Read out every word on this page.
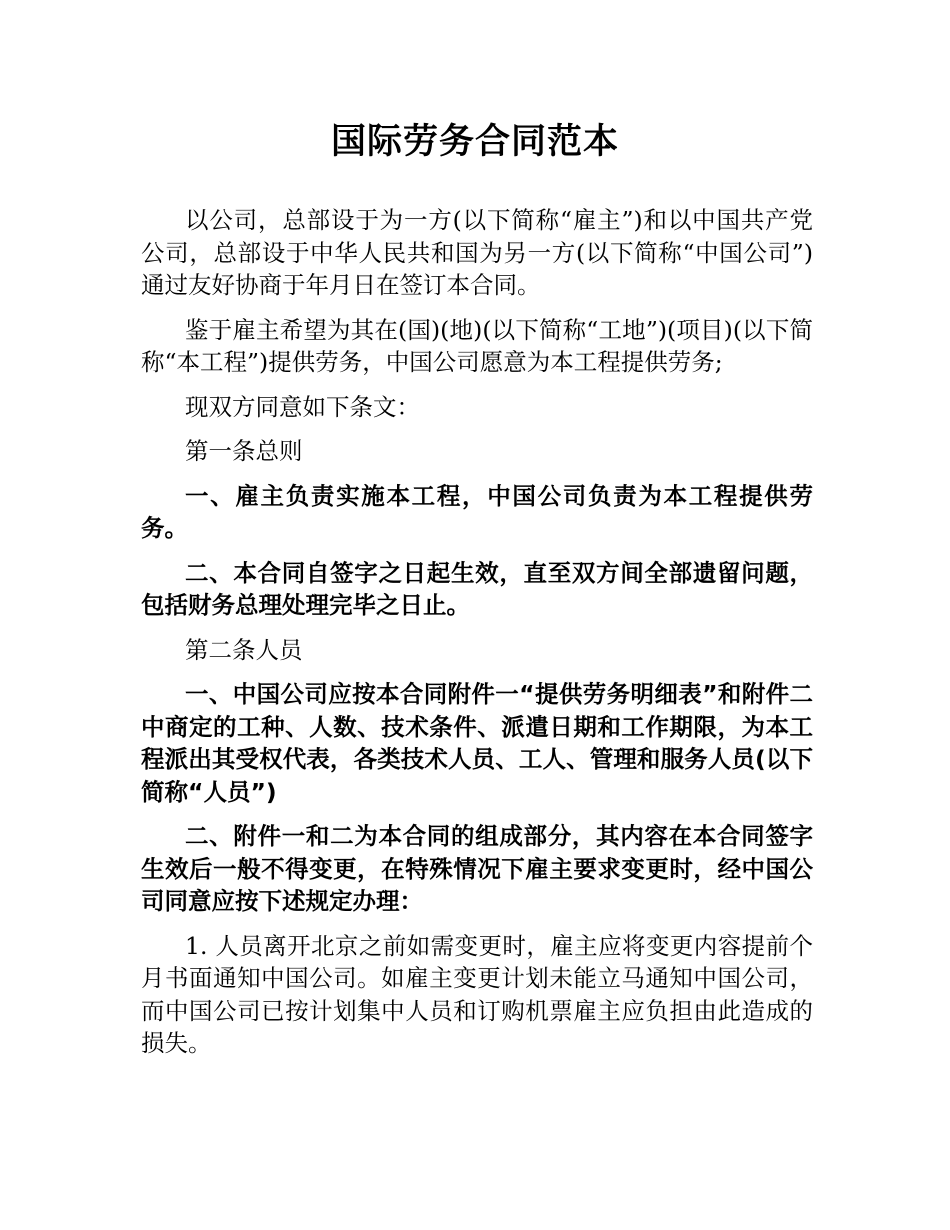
国际劳务合同范本

以公司，总部设于为一方(以下简称“雇主”)和以中国共产党公司，总部设于中华人民共和国为另一方(以下简称“中国公司”)通过友好协商于年月日在签订本合同。

鉴于雇主希望为其在(国)(地)(以下简称“工地”)(项目)(以下简称“本工程”)提供劳务，中国公司愿意为本工程提供劳务;

现双方同意如下条文：

第一条总则

一、雇主负责实施本工程，中国公司负责为本工程提供劳务。

二、本合同自签字之日起生效，直至双方间全部遗留问题，包括财务总理处理完毕之日止。

第二条人员

一、中国公司应按本合同附件一“提供劳务明细表”和附件二中商定的工种、人数、技术条件、派遣日期和工作期限，为本工程派出其受权代表，各类技术人员、工人、管理和服务人员(以下简称“人员”)

二、附件一和二为本合同的组成部分，其内容在本合同签字生效后一般不得变更，在特殊情况下雇主要求变更时，经中国公司同意应按下述规定办理：

1. 人员离开北京之前如需变更时，雇主应将变更内容提前个月书面通知中国公司。如雇主变更计划未能立马通知中国公司，而中国公司已按计划集中人员和订购机票雇主应负担由此造成的损失。
